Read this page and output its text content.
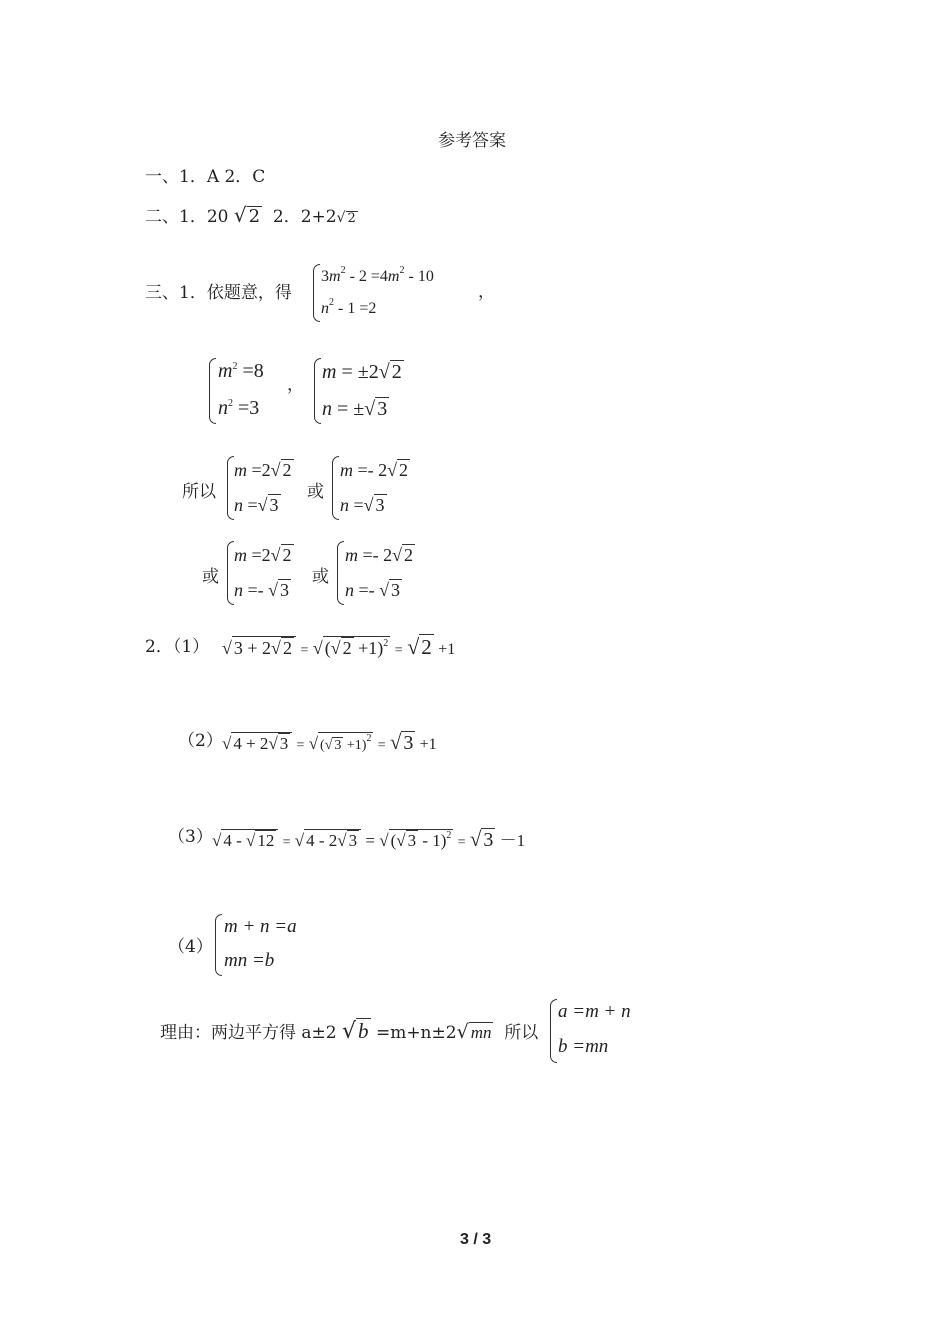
参考答案
一、1．A 2．C
二、1．20 √ 2 2．2+2√ 2
三、1．依题意，得
$3m^2 - 2 =4m^2 - 10$
$n^2 - 1 =2$
，
$m^2 =8$
$n^2 =3$
，
m = ±2√ 2
n = ±√ 3
所以
m =2√ 2
n =√ 3
或
m =- 2√ 2
n =√ 3
或
m =2√ 2
n =- √ 3
或
m =- 2√ 2
n =- √ 3
2．（1） √ 3 + 2√ 2 = √ (√ 2 +1)$^2$ = √2 +1
（2） √ 4 + 2√ 3 = √ (√ 3 +1)$^2$ = √ 3 +1
（3） √ 4 - √ 12 = √ 4 - 2√ 3 = √ (√ 3 - 1)$^2$ = √ 3 －1
（4）
m + n =a
mn =b
理由：两边平方得 a±2 √b =m+n±2√ mn 所以
a =m + n
b =mn
3 / 3
